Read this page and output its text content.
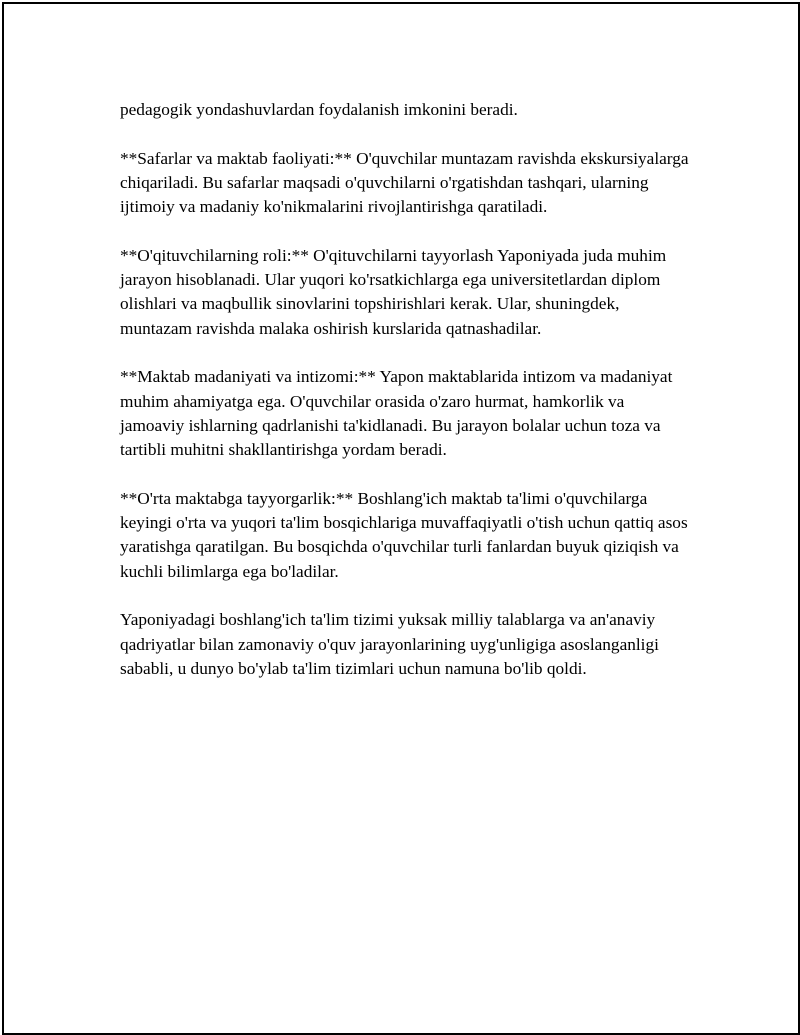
pedagogik yondashuvlardan foydalanish imkonini beradi.

**Safarlar va maktab faoliyati:** O'quvchilar muntazam ravishda ekskursiyalarga chiqariladi. Bu safarlar maqsadi o'quvchilarni o'rgatishdan tashqari, ularning ijtimoiy va madaniy ko'nikmalarini rivojlantirishga qaratiladi.

**O'qituvchilarning roli:** O'qituvchilarni tayyorlash Yaponiyada juda muhim jarayon hisoblanadi. Ular yuqori ko'rsatkichlarga ega universitetlardan diplom olishlari va maqbullik sinovlarini topshirishlari kerak. Ular, shuningdek, muntazam ravishda malaka oshirish kurslarida qatnashadilar.

**Maktab madaniyati va intizomi:** Yapon maktablarida intizom va madaniyat muhim ahamiyatga ega. O'quvchilar orasida o'zaro hurmat, hamkorlik va jamoaviy ishlarning qadrlanishi ta'kidlanadi. Bu jarayon bolalar uchun toza va tartibli muhitni shakllantirishga yordam beradi.

**O'rta maktabga tayyorgarlik:** Boshlang'ich maktab ta'limi o'quvchilarga keyingi o'rta va yuqori ta'lim bosqichlariga muvaffaqiyatli o'tish uchun qattiq asos yaratishga qaratilgan. Bu bosqichda o'quvchilar turli fanlardan buyuk qiziqish va kuchli bilimlarga ega bo'ladilar.

Yaponiyadagi boshlang'ich ta'lim tizimi yuksak milliy talablarga va an'anaviy qadriyatlar bilan zamonaviy o'quv jarayonlarining uyg'unligiga asoslanganligi sababli, u dunyo bo'ylab ta'lim tizimlari uchun namuna bo'lib qoldi.
